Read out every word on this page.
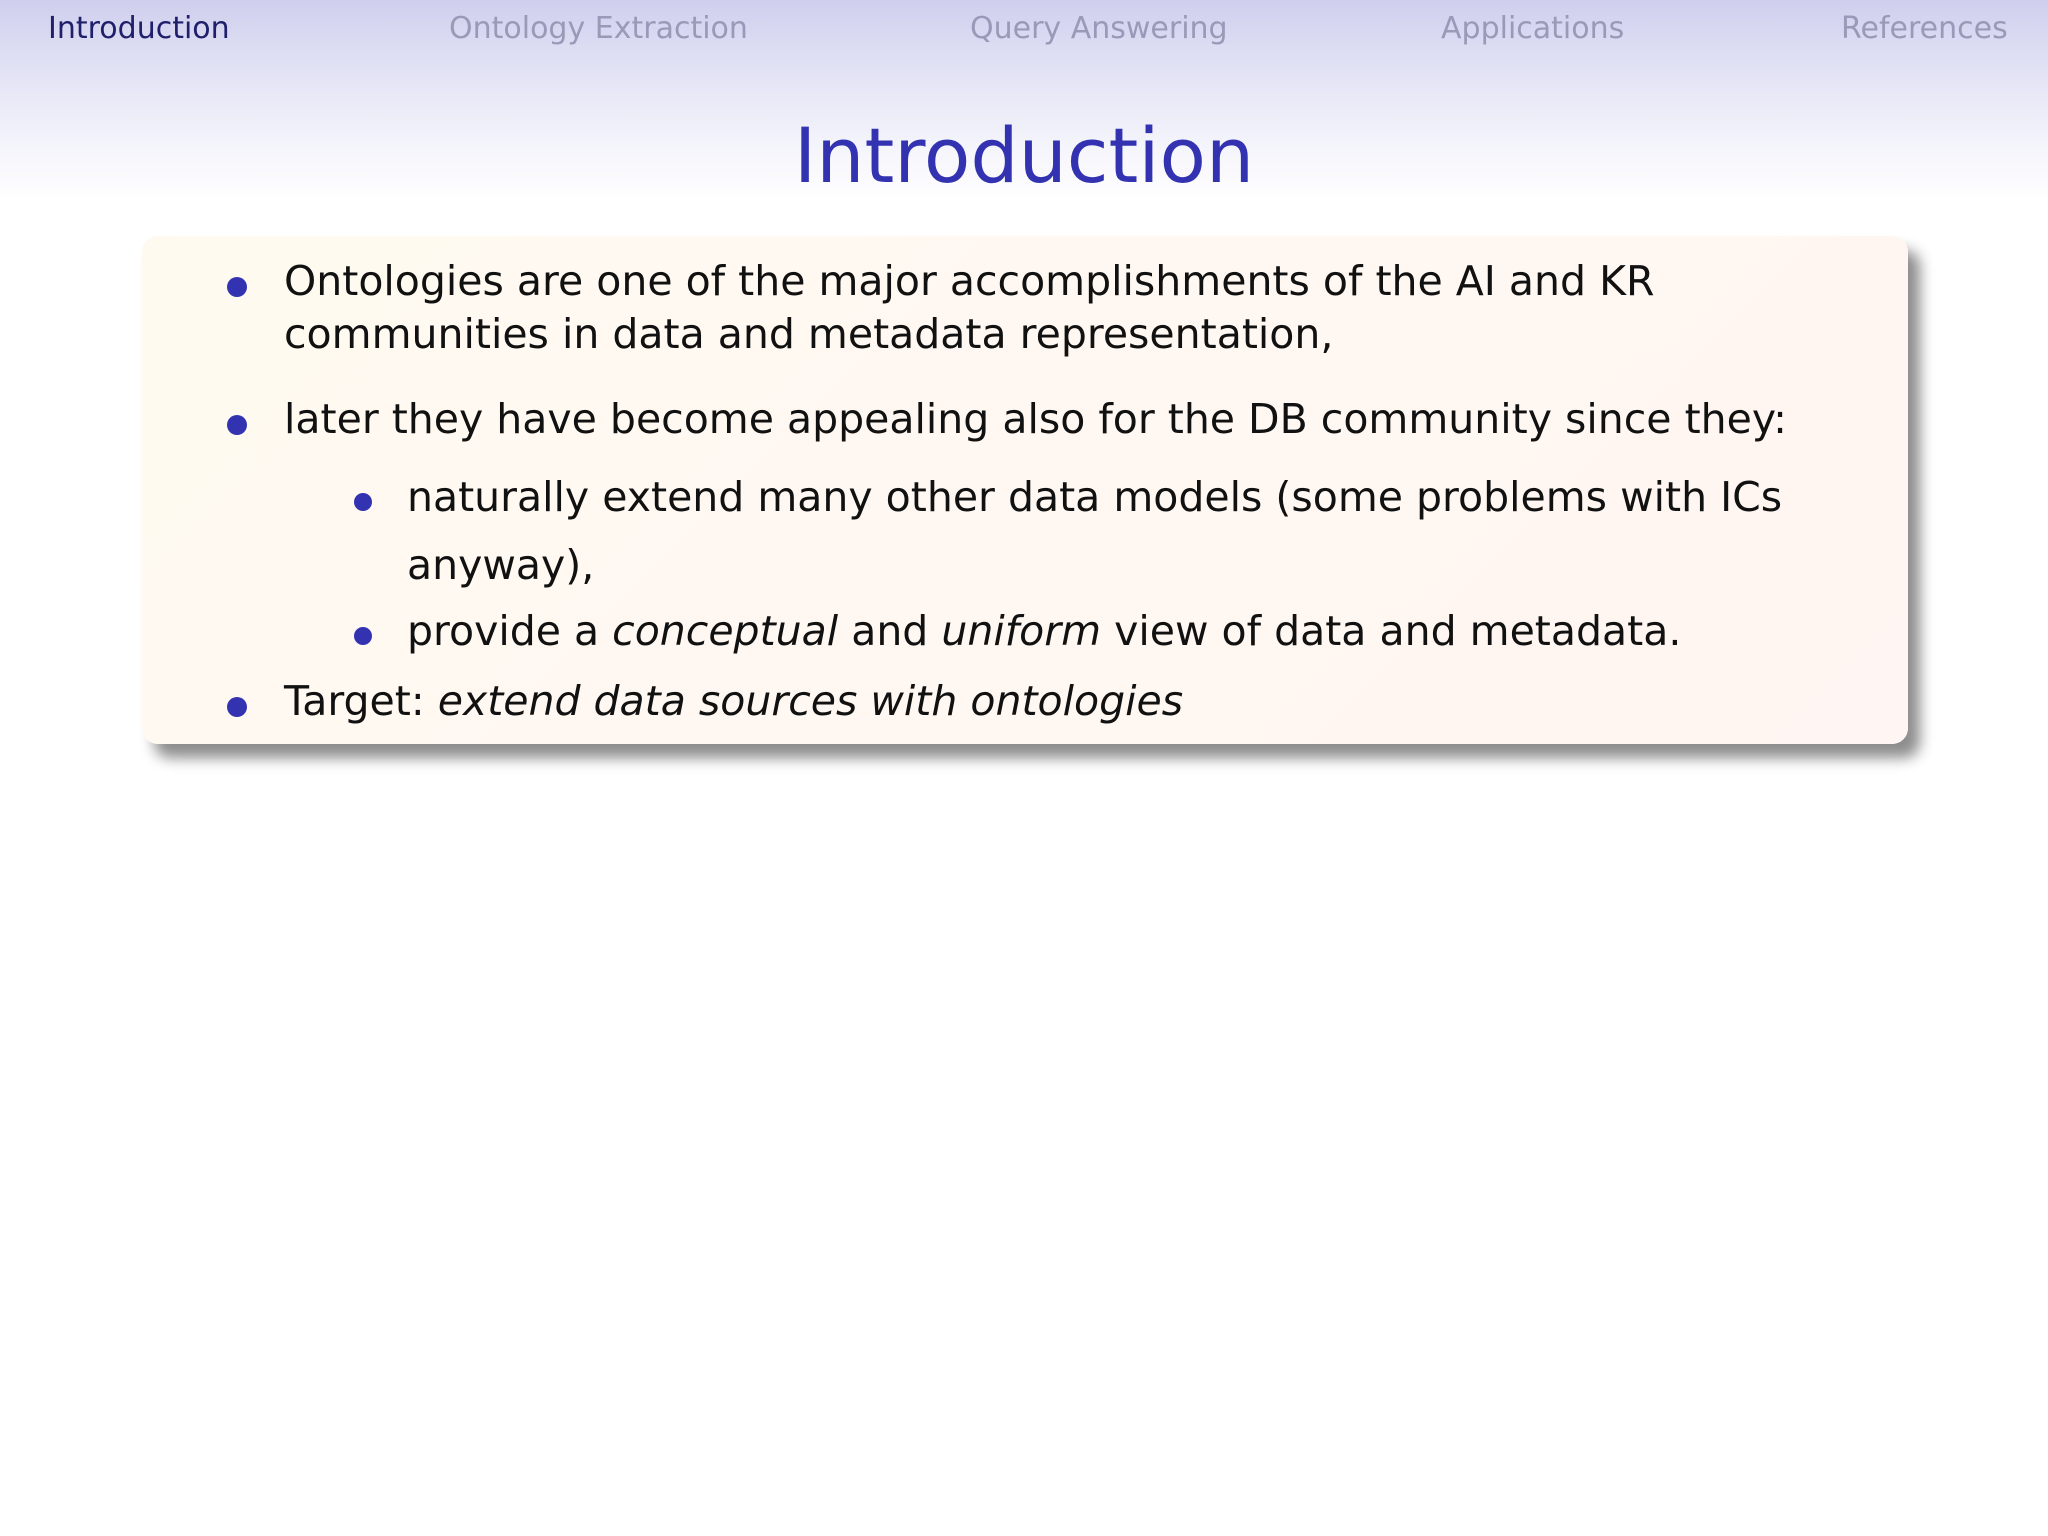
Introduction	Ontology Extraction	Query Answering	Applications	References
Introduction
Ontologies are one of the major accomplishments of the AI and KR
communities in data and metadata representation,
later they have become appealing also for the DB community since they:
naturally extend many other data models (some problems with ICs
anyway),
provide a conceptual and uniform view of data and metadata.
Target: extend data sources with ontologies
